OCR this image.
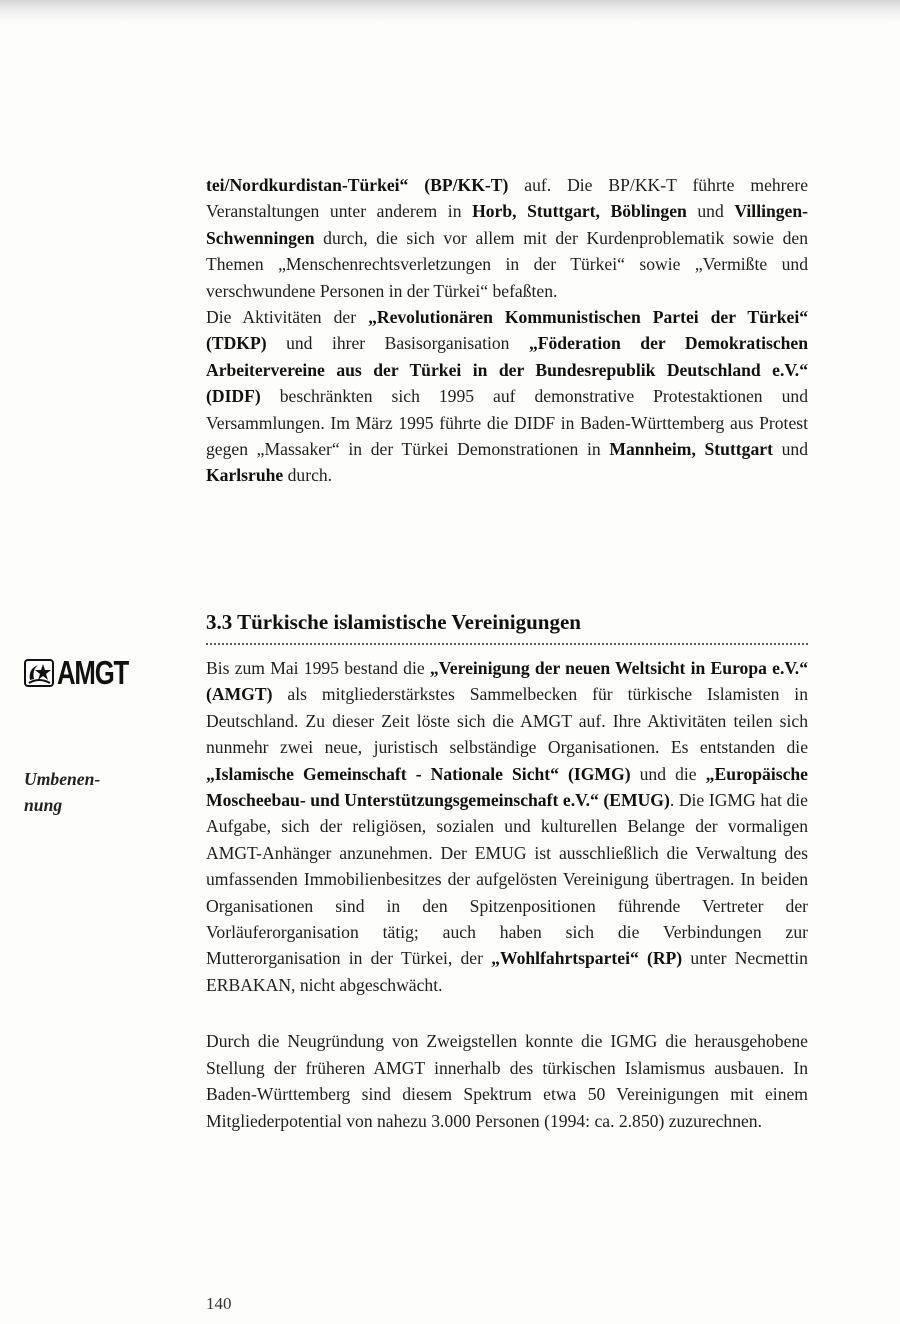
tei/Nordkurdistan-Türkei“ (BP/KK-T) auf. Die BP/KK-T führte mehrere Veranstaltungen unter anderem in Horb, Stuttgart, Böblingen und Villingen-Schwenningen durch, die sich vor allem mit der Kurdenproblematik sowie den Themen „Menschenrechtsverletzungen in der Türkei“ sowie „Vermißte und verschwundene Personen in der Türkei“ befaßten.

Die Aktivitäten der „Revolutionären Kommunistischen Partei der Türkei“ (TDKP) und ihrer Basisorganisation „Föderation der Demokratischen Arbeitervereine aus der Türkei in der Bundesrepublik Deutschland e.V.“ (DIDF) beschränkten sich 1995 auf demonstrative Protestaktionen und Versammlungen. Im März 1995 führte die DIDF in Baden-Württemberg aus Protest gegen „Massaker“ in der Türkei Demonstrationen in Mannheim, Stuttgart und Karlsruhe durch.

3.3 Türkische islamistische Vereinigungen

Bis zum Mai 1995 bestand die „Vereinigung der neuen Weltsicht in Europa e.V.“ (AMGT) als mitgliederstärkstes Sammelbecken für türkische Islamisten in Deutschland. Zu dieser Zeit löste sich die AMGT auf. Ihre Aktivitäten teilen sich nunmehr zwei neue, juristisch selbständige Organisationen. Es entstanden die „Islamische Gemeinschaft - Nationale Sicht“ (IGMG) und die „Europäische Moscheebau- und Unterstützungsgemeinschaft e.V.“ (EMUG). Die IGMG hat die Aufgabe, sich der religiösen, sozialen und kulturellen Belange der vormaligen AMGT-Anhänger anzunehmen. Der EMUG ist ausschließlich die Verwaltung des umfassenden Immobilienbesitzes der aufgelösten Vereinigung übertragen. In beiden Organisationen sind in den Spitzenpositionen führende Vertreter der Vorläuferorganisation tätig; auch haben sich die Verbindungen zur Mutterorganisation in der Türkei, der „Wohlfahrtspartei“ (RP) unter Necmettin ERBAKAN, nicht abgeschwächt.

Durch die Neugründung von Zweigstellen konnte die IGMG die herausgehobene Stellung der früheren AMGT innerhalb des türkischen Islamismus ausbauen. In Baden-Württemberg sind diesem Spektrum etwa 50 Vereinigungen mit einem Mitgliederpotential von nahezu 3.000 Personen (1994: ca. 2.850) zuzurechnen.

AMGT
Umbenen-
nung
140
